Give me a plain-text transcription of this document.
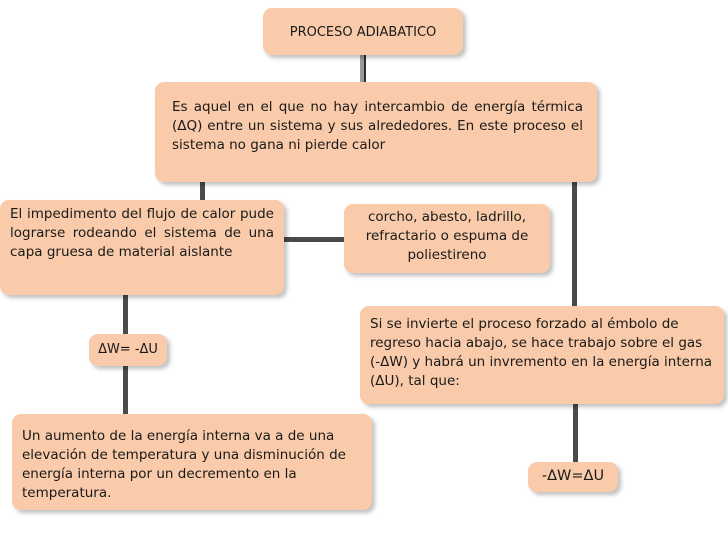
PROCESO ADIABATICO
Es aquel en el que no hay intercambio de energía térmica (ΔQ) entre un sistema y sus alrededores. En este proceso el sistema no gana ni pierde calor
El impedimento del flujo de calor pude lograrse rodeando el sistema de una capa gruesa de material aislante
corcho, abesto, ladrillo, refractario o espuma de poliestireno
Si se invierte el proceso forzado al émbolo de regreso hacia abajo, se hace trabajo sobre el gas (-ΔW) y habrá un invremento en la energía interna (ΔU), tal que:
ΔW= -ΔU
Un aumento de la energía interna va a de una elevación de temperatura y una disminución de energía interna por un decremento en la temperatura.
-ΔW=ΔU
